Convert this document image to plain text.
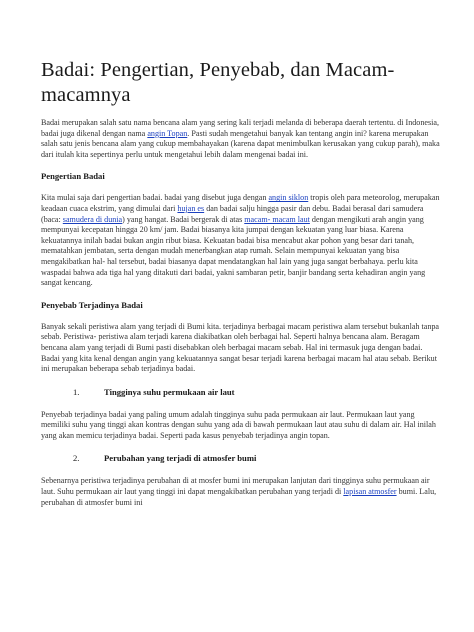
Badai: Pengertian, Penyebab, dan Macam-macamnya

Badai merupakan salah satu nama bencana alam yang sering kali terjadi melanda di beberapa daerah tertentu. di Indonesia, badai juga dikenal dengan nama angin Topan. Pasti sudah mengetahui banyak kan tentang angin ini? karena merupakan salah satu jenis bencana alam yang cukup membahayakan (karena dapat menimbulkan kerusakan yang cukup parah), maka dari itulah kita sepertinya perlu untuk mengetahui lebih dalam mengenai badai ini.

Pengertian Badai

Kita mulai saja dari pengertian badai. badai yang disebut juga dengan angin siklon tropis oleh para meteorolog, merupakan keadaan cuaca ekstrim, yang dimulai dari hujan es dan badai salju hingga pasir dan debu. Badai berasal dari samudera (baca: samudera di dunia) yang hangat. Badai bergerak di atas macam- macam laut dengan mengikuti arah angin yang mempunyai kecepatan hingga 20 km/ jam. Badai biasanya kita jumpai dengan kekuatan yang luar biasa. Karena kekuatannya inilah badai bukan angin ribut biasa. Kekuatan badai bisa mencabut akar pohon yang besar dari tanah, mematahkan jembatan, serta dengan mudah menerbangkan atap rumah. Selain mempunyai kekuatan yang bisa mengakibatkan hal- hal tersebut, badai biasanya dapat mendatangkan hal lain yang juga sangat berbahaya. perlu kita waspadai bahwa ada tiga hal yang ditakuti dari badai, yakni sambaran petir, banjir bandang serta kehadiran angin yang sangat kencang.

Penyebab Terjadinya Badai

Banyak sekali peristiwa alam yang terjadi di Bumi kita. terjadinya berbagai macam peristiwa alam tersebut bukanlah tanpa sebab. Peristiwa- peristiwa alam terjadi karena diakibatkan oleh berbagai hal. Seperti halnya bencana alam. Beragam bencana alam yang terjadi di Bumi pasti disebabkan oleh berbagai macam sebab. Hal ini termasuk juga dengan badai. Badai yang kita kenal dengan angin yang kekuatannya sangat besar terjadi karena berbagai macam hal atau sebab. Berikut ini merupakan beberapa sebab terjadinya badai.

1.	Tingginya suhu permukaan air laut

Penyebab terjadinya badai yang paling umum adalah tingginya suhu pada permukaan air laut. Permukaan laut yang memiliki suhu yang tinggi akan kontras dengan suhu yang ada di bawah permukaan laut atau suhu di dalam air. Hal inilah yang akan memicu terjadinya badai. Seperti pada kasus penyebab terjadinya angin topan.

2.	Perubahan yang terjadi di atmosfer bumi

Sebenarnya peristiwa terjadinya perubahan di at mosfer bumi ini merupakan lanjutan dari tingginya suhu permukaan air laut. Suhu permukaan air laut yang tinggi ini dapat mengakibatkan perubahan yang terjadi di lapisan atmosfer bumi. Lalu, perubahan di atmosfer bumi ini
